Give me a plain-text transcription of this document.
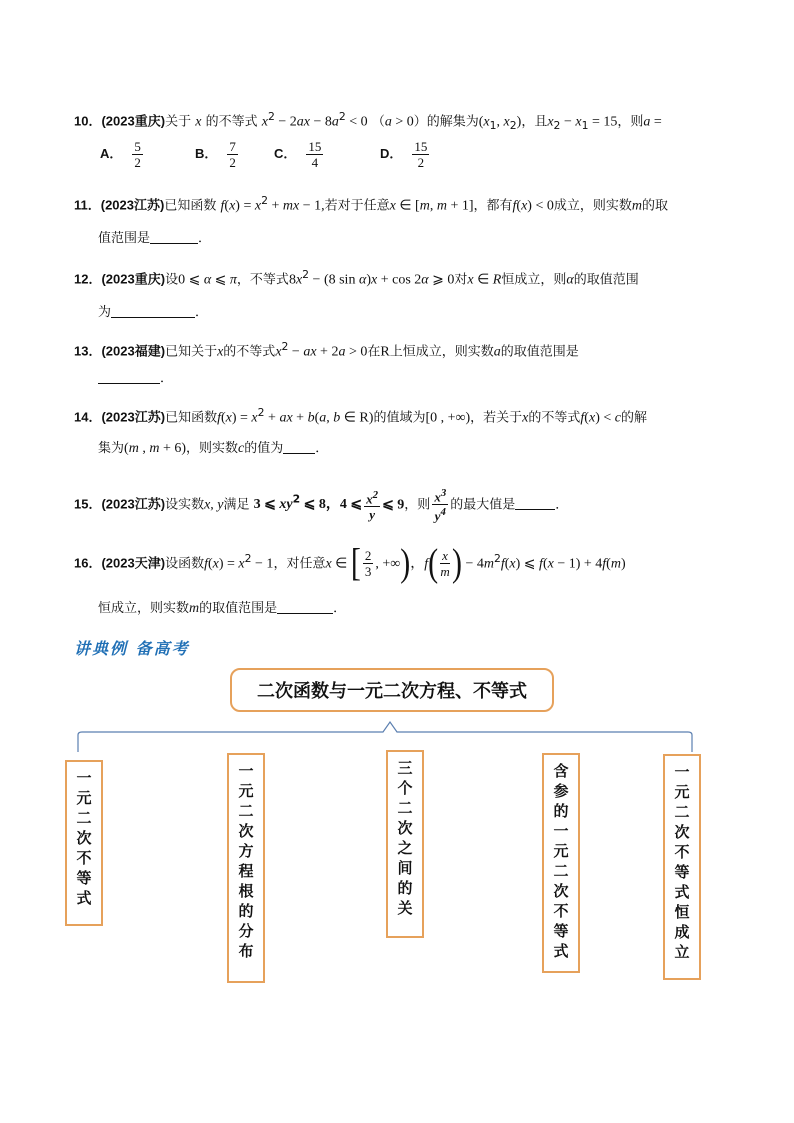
10．(2023重庆)关于 x 的不等式 $x^2 - 2ax - 8a^2 < 0$ （a > 0）的解集为($x_1$, $x_2$)，且$x_2 - x_1 = 15$，则a =
A． $\frac{5}{2}$	B． $\frac{7}{2}$	C． $\frac{15}{4}$	D． $\frac{15}{2}$
11．(2023江苏)已知函数 $f(x) = x^2$ + mx − 1,若对于任意x ∈ [m, m + 1]，都有f(x) < 0成立，则实数m的取
值范围是	．
12．(2023重庆)设0 ⩽ α ⩽ π，不等式$8x^2 - (8$ sin α)x + cos 2α ⩾ 0对x ∈ R恒成立，则α的取值范围
为	．
13．(2023福建)已知关于x的不等式$x^2$ − ax + 2a > 0在R上恒成立，则实数a的取值范围是
．
14．(2023江苏)已知函数$f(x) = x^2$ + ax + b(a, b ∈ R)的值域为[0 , +∞)，若关于x的不等式f(x) < c的解
集为(m , m + 6)，则实数c的值为 ．
15．(2023江苏)设实数x, y满足 3 ⩽ $xy^2$ ⩽ 8，4 ⩽ $\frac{x^2}{y}$ ⩽ 9，则 $\frac{x^3}{y^4}$ 的最大值是	．
16．(2023天津)设函数$f(x) = x^2 - 1$，对任意x ∈ [ $\frac{2}{3}$ , +∞)，$f( \frac{x}{m}$ ) − $4m^2f(x)$ ⩽ f(x − 1) + 4f(m)
恒成立，则实数m的取值范围是	．
讲典例 备高考
二次函数与一元二次方程、不等式
一元二次不等式
一元二次方程根的分布
三个二次之间的关
含参的一元二次不等式
一元二次不等式恒成立
